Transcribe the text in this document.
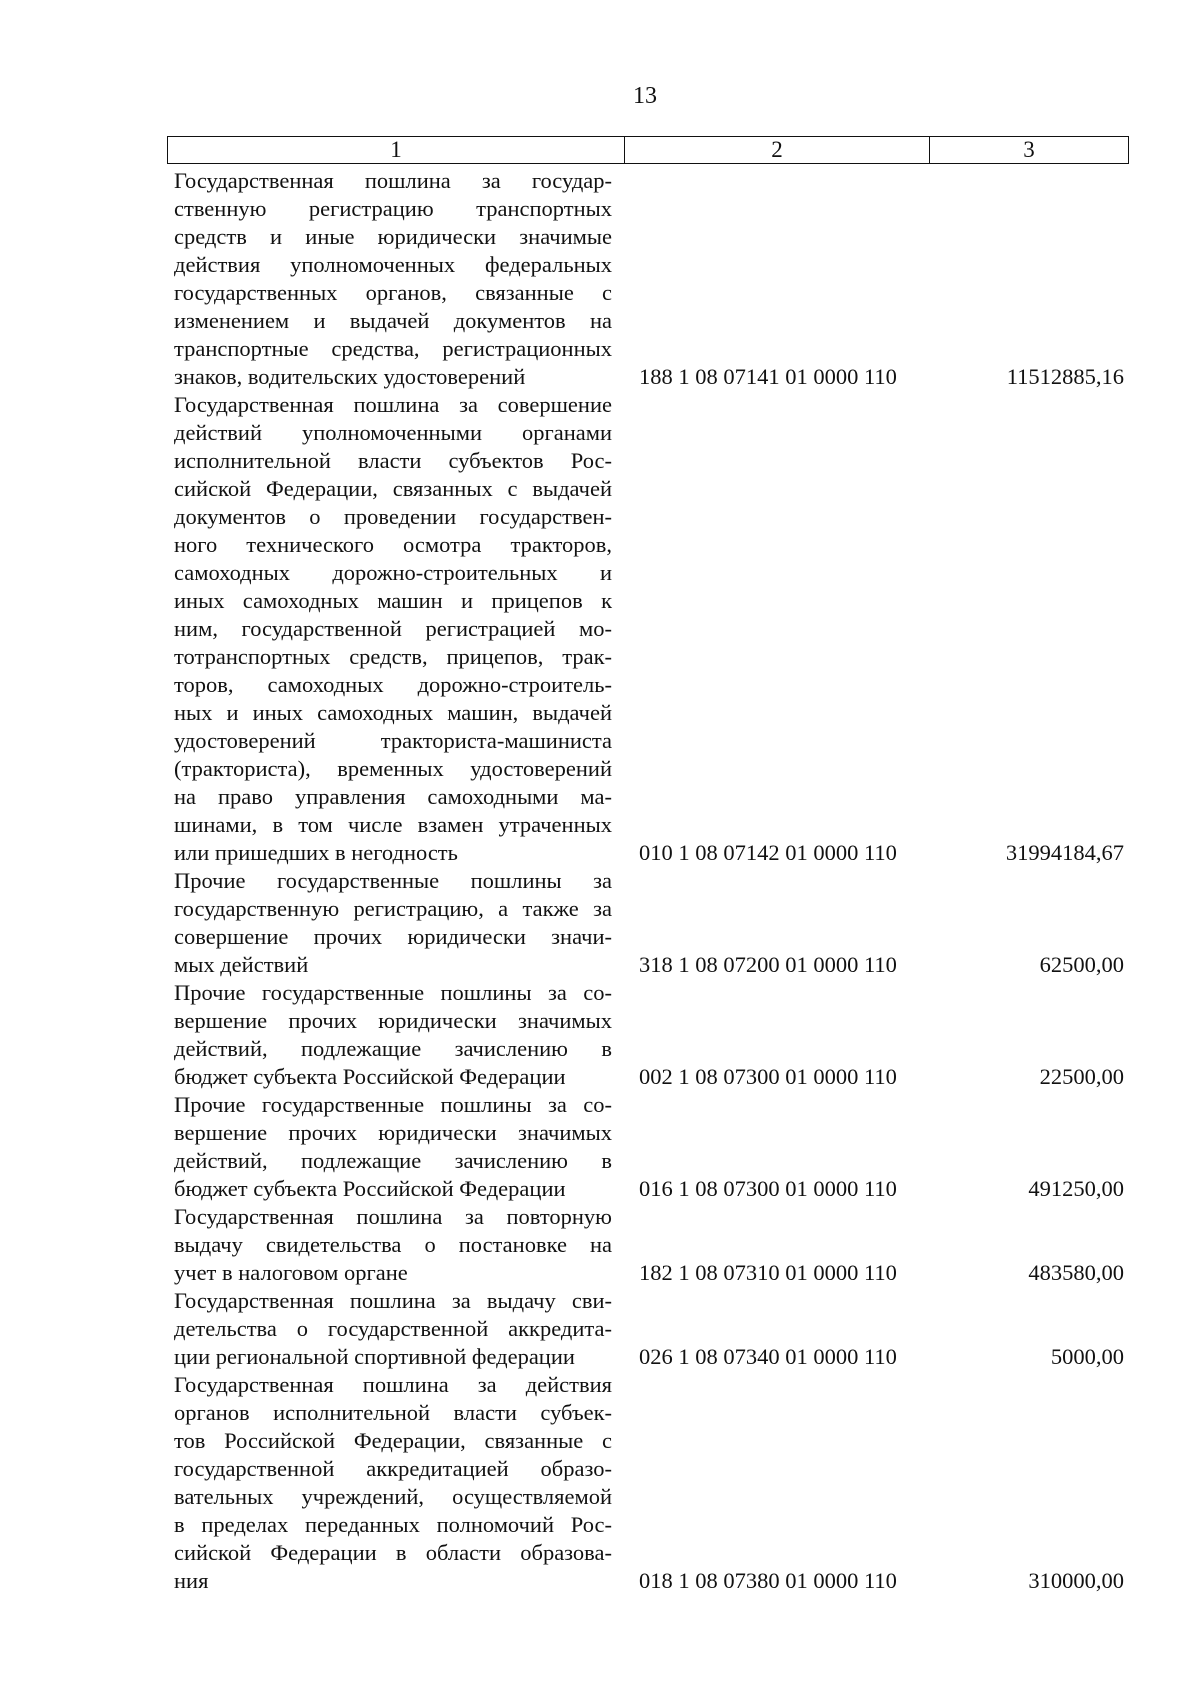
13
1	2	3
Государственная пошлина за государ-
ственную регистрацию транспортных
средств и иные юридически значимые
действия уполномоченных федеральных
государственных органов, связанные с
изменением и выдачей документов на
транспортные средства, регистрационных
знаков, водительских удостоверений	188 1 08 07141 01 0000 110	11512885,16
Государственная пошлина за совершение
действий уполномоченными органами
исполнительной власти субъектов Рос-
сийской Федерации, связанных с выдачей
документов о проведении государствен-
ного технического осмотра тракторов,
самоходных дорожно-строительных и
иных самоходных машин и прицепов к
ним, государственной регистрацией мо-
тотранспортных средств, прицепов, трак-
торов, самоходных дорожно-строитель-
ных и иных самоходных машин, выдачей
удостоверений тракториста-машиниста
(тракториста), временных удостоверений
на право управления самоходными ма-
шинами, в том числе взамен утраченных
или пришедших в негодность	010 1 08 07142 01 0000 110	31994184,67
Прочие государственные пошлины за
государственную регистрацию, а также за
совершение прочих юридически значи-
мых действий	318 1 08 07200 01 0000 110	62500,00
Прочие государственные пошлины за со-
вершение прочих юридически значимых
действий, подлежащие зачислению в
бюджет субъекта Российской Федерации	002 1 08 07300 01 0000 110	22500,00
Прочие государственные пошлины за со-
вершение прочих юридически значимых
действий, подлежащие зачислению в
бюджет субъекта Российской Федерации	016 1 08 07300 01 0000 110	491250,00
Государственная пошлина за повторную
выдачу свидетельства о постановке на
учет в налоговом органе	182 1 08 07310 01 0000 110	483580,00
Государственная пошлина за выдачу сви-
детельства о государственной аккредита-
ции региональной спортивной федерации	026 1 08 07340 01 0000 110	5000,00
Государственная пошлина за действия
органов исполнительной власти субъек-
тов Российской Федерации, связанные с
государственной аккредитацией образо-
вательных учреждений, осуществляемой
в пределах переданных полномочий Рос-
сийской Федерации в области образова-
ния	018 1 08 07380 01 0000 110	310000,00
